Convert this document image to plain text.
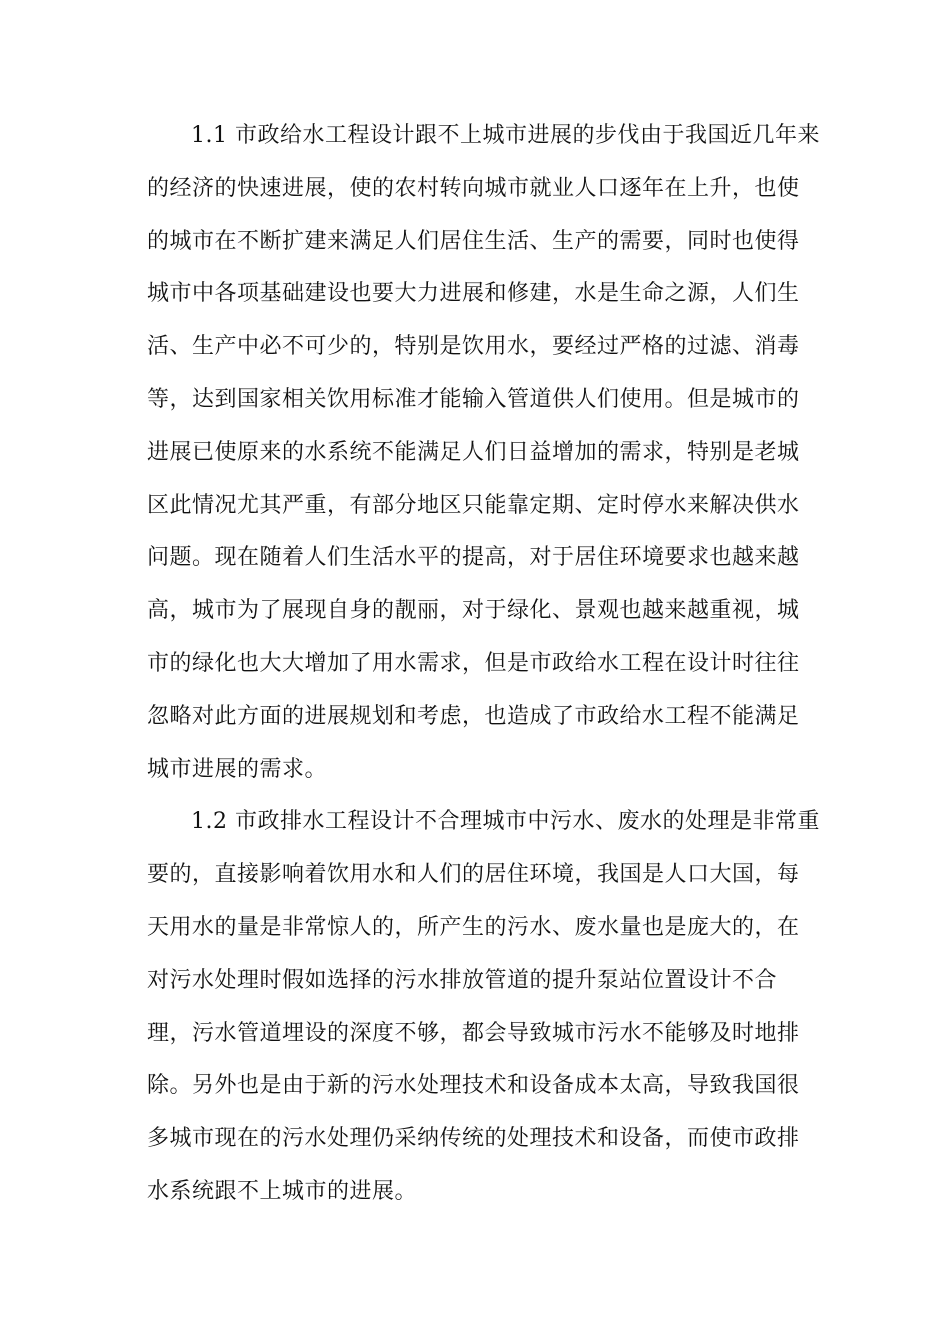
1.1 市政给水工程设计跟不上城市进展的步伐由于我国近几年来
的经济的快速进展，使的农村转向城市就业人口逐年在上升，也使
的城市在不断扩建来满足人们居住生活、生产的需要，同时也使得
城市中各项基础建设也要大力进展和修建，水是生命之源，人们生
活、生产中必不可少的，特别是饮用水，要经过严格的过滤、消毒
等，达到国家相关饮用标准才能输入管道供人们使用。但是城市的
进展已使原来的水系统不能满足人们日益增加的需求，特别是老城
区此情况尤其严重，有部分地区只能靠定期、定时停水来解决供水
问题。现在随着人们生活水平的提高，对于居住环境要求也越来越
高，城市为了展现自身的靓丽，对于绿化、景观也越来越重视，城
市的绿化也大大增加了用水需求，但是市政给水工程在设计时往往
忽略对此方面的进展规划和考虑，也造成了市政给水工程不能满足
城市进展的需求。
1.2 市政排水工程设计不合理城市中污水、废水的处理是非常重
要的，直接影响着饮用水和人们的居住环境，我国是人口大国，每
天用水的量是非常惊人的，所产生的污水、废水量也是庞大的，在
对污水处理时假如选择的污水排放管道的提升泵站位置设计不合
理，污水管道埋设的深度不够，都会导致城市污水不能够及时地排
除。另外也是由于新的污水处理技术和设备成本太高，导致我国很
多城市现在的污水处理仍采纳传统的处理技术和设备，而使市政排
水系统跟不上城市的进展。
